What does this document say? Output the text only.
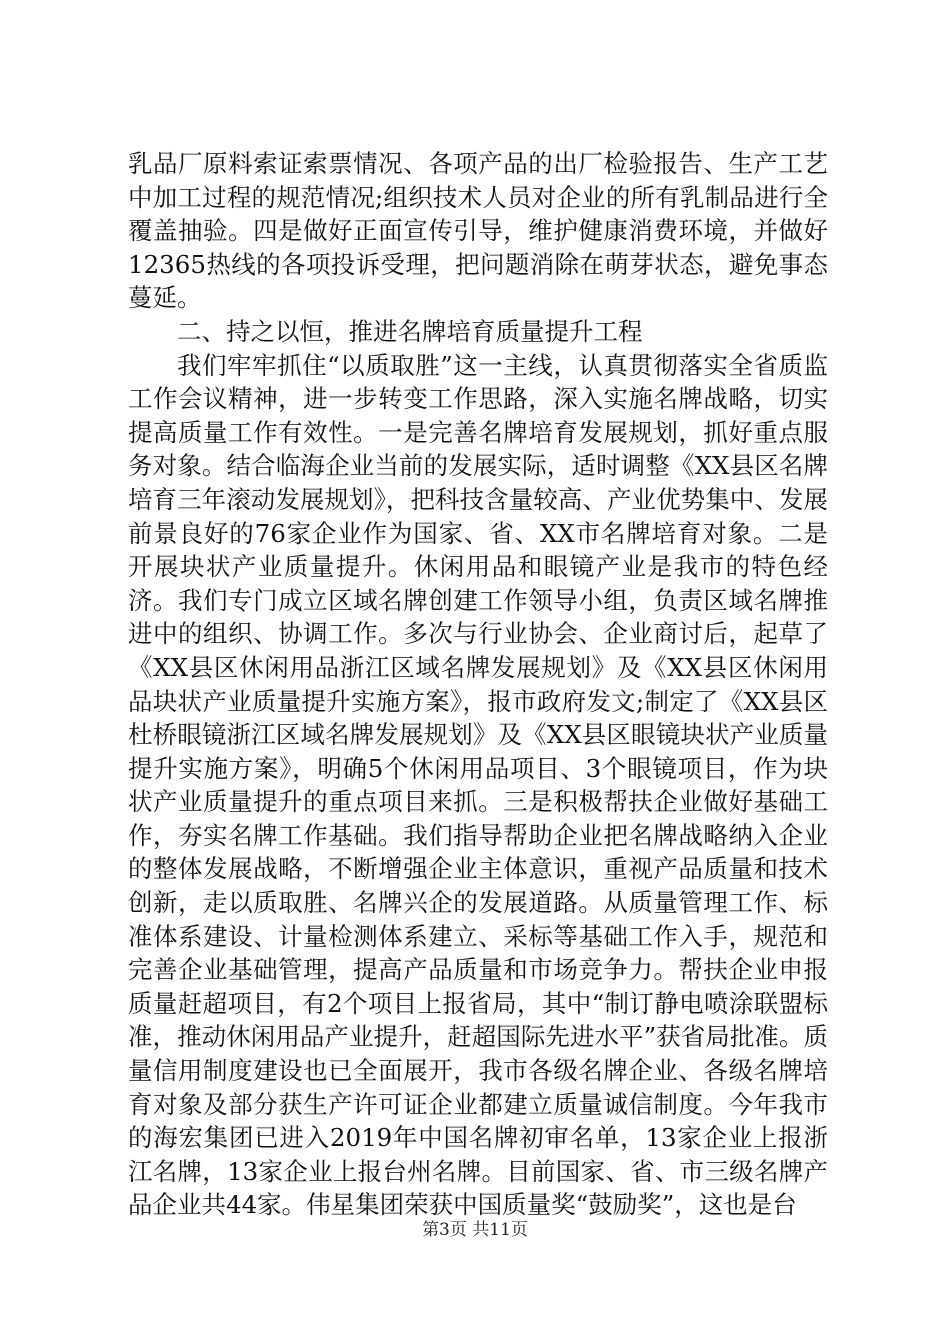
乳品厂原料索证索票情况、各项产品的出厂检验报告、生产工艺中加工过程的规范情况;组织技术人员对企业的所有乳制品进行全覆盖抽验。四是做好正面宣传引导，维护健康消费环境，并做好12365热线的各项投诉受理，把问题消除在萌芽状态，避免事态蔓延。

二、持之以恒，推进名牌培育质量提升工程

我们牢牢抓住“以质取胜”这一主线，认真贯彻落实全省质监工作会议精神，进一步转变工作思路，深入实施名牌战略，切实提高质量工作有效性。一是完善名牌培育发展规划，抓好重点服务对象。结合临海企业当前的发展实际，适时调整《XX县区名牌培育三年滚动发展规划》，把科技含量较高、产业优势集中、发展前景良好的76家企业作为国家、省、XX市名牌培育对象。二是开展块状产业质量提升。休闲用品和眼镜产业是我市的特色经济。我们专门成立区域名牌创建工作领导小组，负责区域名牌推进中的组织、协调工作。多次与行业协会、企业商讨后，起草了《XX县区休闲用品浙江区域名牌发展规划》及《XX县区休闲用品块状产业质量提升实施方案》，报市政府发文;制定了《XX县区杜桥眼镜浙江区域名牌发展规划》及《XX县区眼镜块状产业质量提升实施方案》，明确5个休闲用品项目、3个眼镜项目，作为块状产业质量提升的重点项目来抓。三是积极帮扶企业做好基础工作，夯实名牌工作基础。我们指导帮助企业把名牌战略纳入企业的整体发展战略，不断增强企业主体意识，重视产品质量和技术创新，走以质取胜、名牌兴企的发展道路。从质量管理工作、标准体系建设、计量检测体系建立、采标等基础工作入手，规范和完善企业基础管理，提高产品质量和市场竞争力。帮扶企业申报质量赶超项目，有2个项目上报省局，其中“制订静电喷涂联盟标准，推动休闲用品产业提升，赶超国际先进水平”获省局批准。质量信用制度建设也已全面展开，我市各级名牌企业、各级名牌培育对象及部分获生产许可证企业都建立质量诚信制度。今年我市的海宏集团已进入2019年中国名牌初审名单，13家企业上报浙江名牌，13家企业上报台州名牌。目前国家、省、市三级名牌产品企业共44家。伟星集团荣获中国质量奖“鼓励奖”，这也是台

第3页 共11页
